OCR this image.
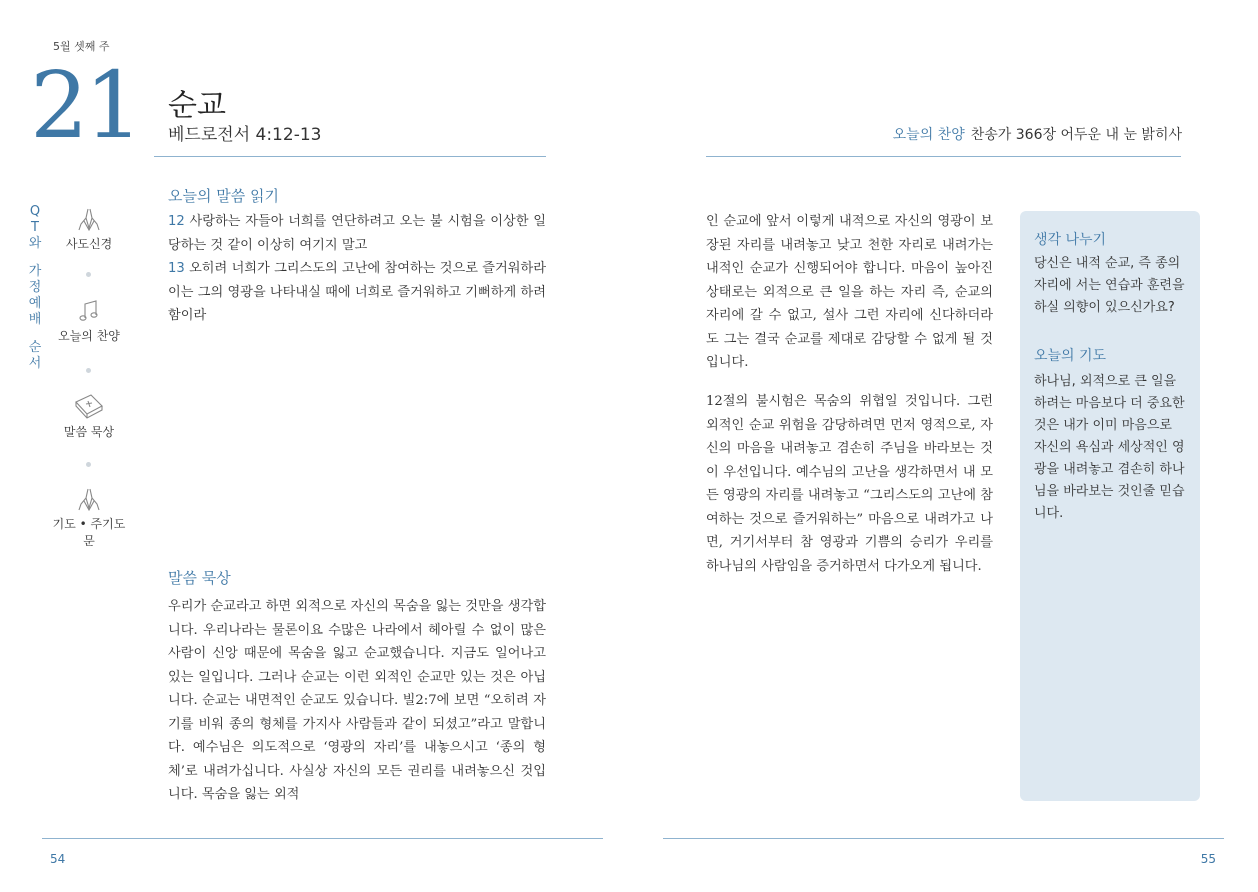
5월 셋째 주
21 순교
베드로전서 4:12-13	오늘의 찬양 찬송가 366장 어두운 내 눈 밝히사
Q
T
와
가
정
예
배
순
서
사도신경
오늘의 찬양
말씀 묵상
기도 • 주기도문
오늘의 말씀 읽기
12 사랑하는 자들아 너희를 연단하려고 오는 불 시험을 이상한 일 당하는 것 같이 이상히 여기지 말고
13 오히려 너희가 그리스도의 고난에 참여하는 것으로 즐거워하라 이는 그의 영광을 나타내실 때에 너희로 즐거워하고 기뻐하게 하려 함이라
말씀 묵상
우리가 순교라고 하면 외적으로 자신의 목숨을 잃는 것만을 생각합니다. 우리나라는 물론이요 수많은 나라에서 헤아릴 수 없이 많은 사람이 신앙 때문에 목숨을 잃고 순교했습니다. 지금도 일어나고 있는 일입니다. 그러나 순교는 이런 외적인 순교만 있는 것은 아닙니다. 순교는 내면적인 순교도 있습니다. 빌2:7에 보면 “오히려 자기를 비워 종의 형체를 가지사 사람들과 같이 되셨고”라고 말합니다. 예수님은 의도적으로 ‘영광의 자리’를 내놓으시고 ‘종의 형체’로 내려가십니다. 사실상 자신의 모든 권리를 내려놓으신 것입니다. 목숨을 잃는 외적
인 순교에 앞서 이렇게 내적으로 자신의 영광이 보장된 자리를 내려놓고 낮고 천한 자리로 내려가는 내적인 순교가 신행되어야 합니다. 마음이 높아진 상태로는 외적으로 큰 일을 하는 자리 즉, 순교의 자리에 갈 수 없고, 설사 그런 자리에 신다하더라도 그는 결국 순교를 제대로 감당할 수 없게 될 것입니다.
12절의 불시험은 목숨의 위협일 것입니다. 그런 외적인 순교 위험을 감당하려면 먼저 영적으로, 자신의 마음을 내려놓고 겸손히 주님을 바라보는 것이 우선입니다. 예수님의 고난을 생각하면서 내 모든 영광의 자리를 내려놓고 “그리스도의 고난에 참여하는 것으로 즐거워하는” 마음으로 내려가고 나면, 거기서부터 참 영광과 기쁨의 승리가 우리를 하나님의 사람임을 증거하면서 다가오게 됩니다.
생각 나누기
당신은 내적 순교, 즉 종의 자리에 서는 연습과 훈련을 하실 의향이 있으신가요?
오늘의 기도
하나님, 외적으로 큰 일을 하려는 마음보다 더 중요한 것은 내가 이미 마음으로 자신의 욕심과 세상적인 영광을 내려놓고 겸손히 하나님을 바라보는 것인줄 믿습니다.
54	55
